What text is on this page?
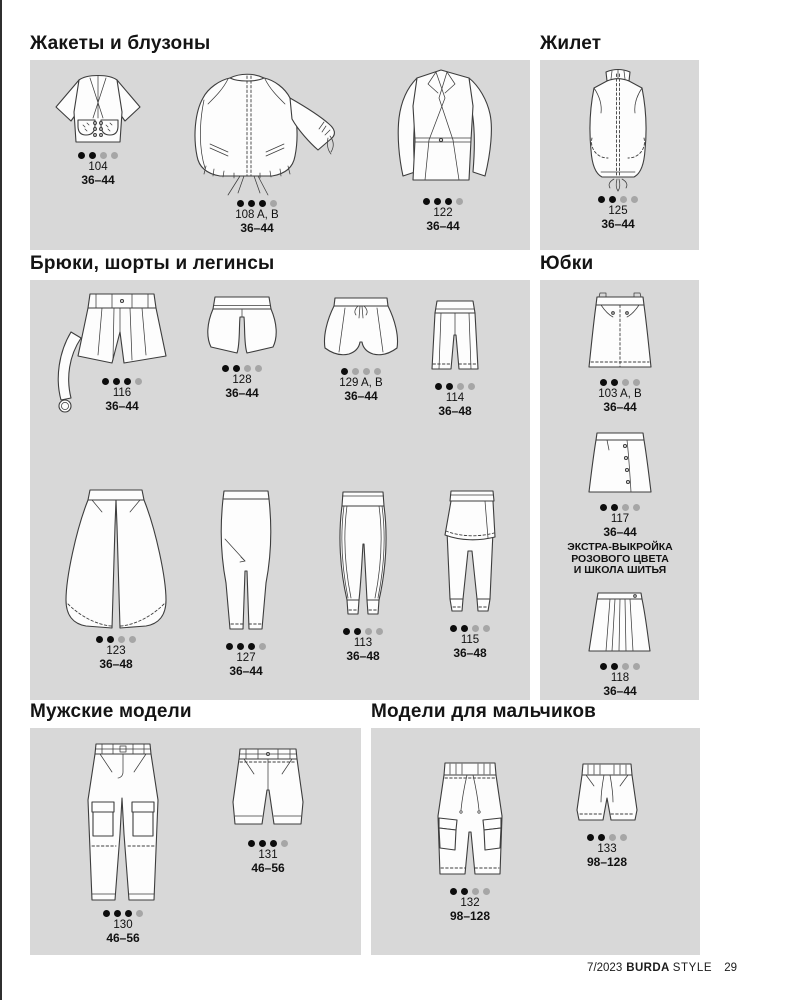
Жакеты и блузоны	Жилет
Брюки, шорты и легинсы	Юбки
Мужские модели	Модели для мальчиков
104
36–44
108 A, B
36–44
122
36–44
125
36–44
116
36–44
128
36–44
129 A, B
36–44	114
36–48
123
36–48	127
36–44
113
36–48
115
36–48
103 A, B
36–44
117
36–44
ЭКСТРА-ВЫКРОЙКА
РОЗОВОГО ЦВЕТА
И ШКОЛА ШИТЬЯ
118
36–44
130
46–56
131
46–56
132
98–128
133
98–128
7/2023 BURDA STYLE 29
